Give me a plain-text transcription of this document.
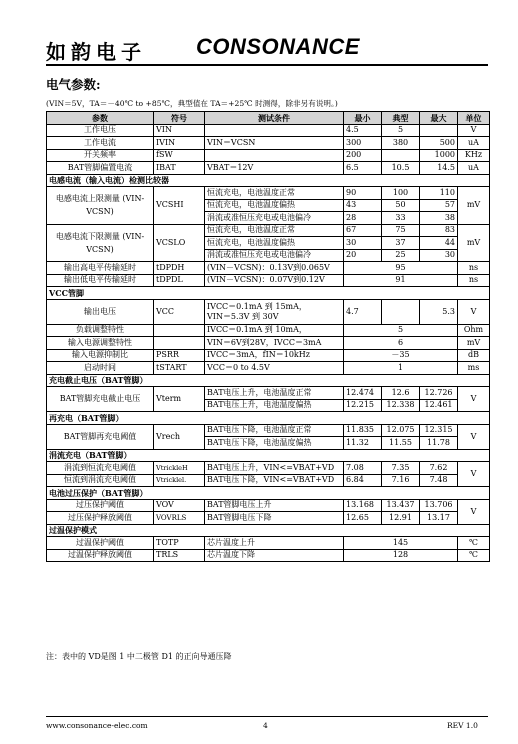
如韵电子 CONSONANCE
电气参数:
(VIN＝5V，TA＝－40℃ to +85℃，典型值在 TA＝+25℃ 时测得，除非另有说明。)
参数	符号	测试条件	最小	典型	最大	单位
工作电压	VIN		4.5	5		V
工作电流	IVIN	VIN＝VCSN	300	380	500	uA
开关频率	fSW		200		1000	KHz
BAT管脚偏置电流	IBAT	VBAT＝12V	6.5	10.5	14.5	uA
电感电流（输入电流）检测比较器						
电感电流上限测量 (VIN-VCSN)	VCSHI	恒流充电，电池温度正常	90	100	110	mV
		恒流充电，电池温度偏热	43	50	57	
		涓流或准恒压充电或电池偏冷	28	33	38	
电感电流下限测量 (VIN-VCSN)	VCSLO	恒流充电，电池温度正常	67	75	83	mV
		恒流充电，电池温度偏热	30	37	44	
		涓流或准恒压充电或电池偏冷	20	25	30	
输出高电平传输延时	tDPDH	(VIN－VCSN)：0.13V到0.065V	95			ns
输出低电平传输延时	tDPDL	(VIN－VCSN)：0.07V到0.12V	91			ns
VCC管脚						
输出电压	VCC	IVCC＝0.1mA 到 15mA，
VIN＝5.3V 到 30V	4.7		5.3	V
负载调整特性		IVCC＝0.1mA 到 10mA，	5			Ohm
输入电源调整特性		VIN＝6V到28V，IVCC＝3mA	6			mV
输入电源抑制比	PSRR	IVCC＝3mA，fIN＝10kHz	－35			dB
启动时间	tSTART	VCC＝0 to 4.5V	1			ms
充电截止电压（BAT管脚）						
BAT管脚充电截止电压	Vterm	BAT电压上升，电池温度正常	12.474	12.6	12.726	V
		BAT电压上升，电池温度偏热	12.215	12.338	12.461	
再充电（BAT管脚）						
BAT管脚再充电阈值	Vrech	BAT电压下降，电池温度正常	11.835	12.075	12.315	V
		BAT电压下降，电池温度偏热	11.32	11.55	11.78	
涓流充电（BAT管脚）						
涓流到恒流充电阈值	VtrickleH	BAT电压上升，VIN<=VBAT+VD	7.08	7.35	7.62	V
恒流到涓流充电阈值	Vtricklel.	BAT电压下降，VIN<=VBAT+VD	6.84	7.16	7.48	
电池过压保护（BAT管脚）						
过压保护阈值	VOV	BAT管脚电压上升	13.168	13.437	13.706	V
过压保护释放阈值	VOVRLS	BAT管脚电压下降	12.65	12.91	13.17	
过温保护模式						
过温保护阈值	TOTP	芯片温度上升	145			℃
过温保护释放阈值	TRLS	芯片温度下降	128			℃
注：表中的 VD是图 1 中二极管 D1 的正向导通压降
www.consonance-elec.com	4	REV 1.0
